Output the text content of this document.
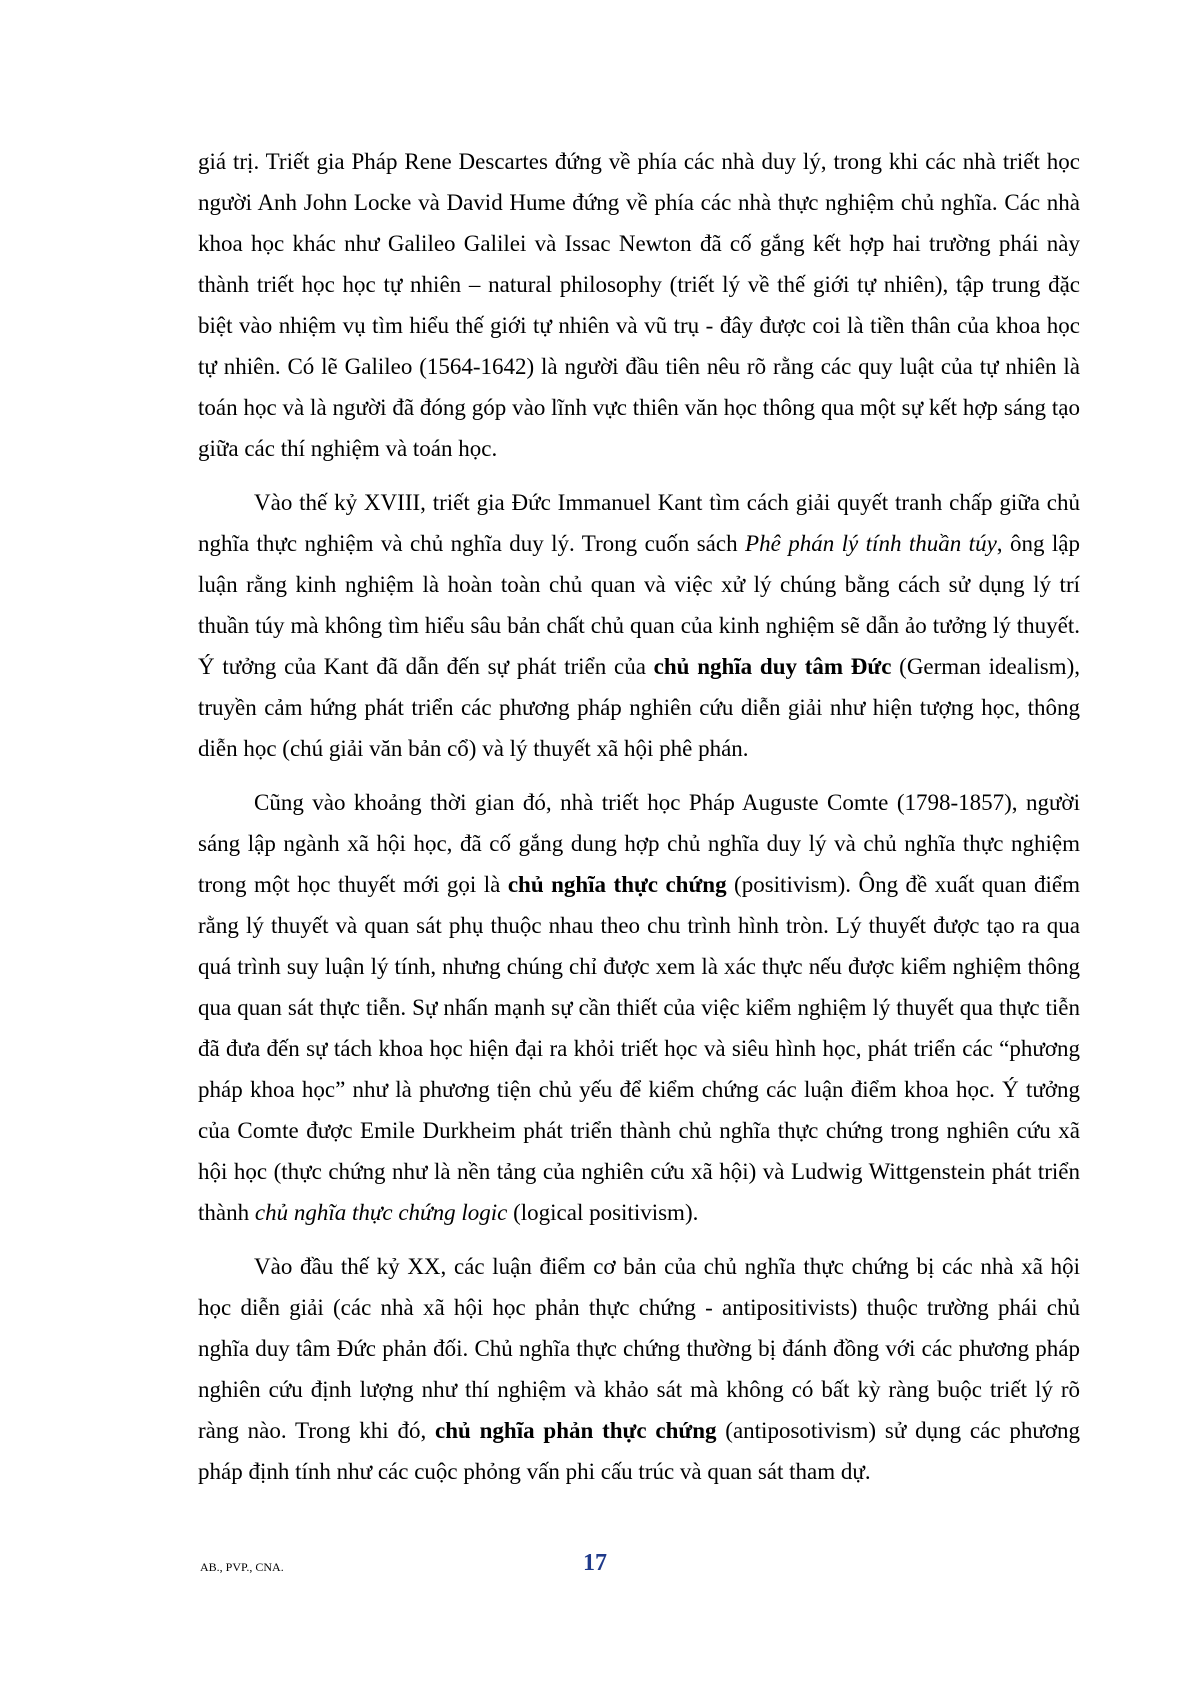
giá trị. Triết gia Pháp Rene Descartes đứng về phía các nhà duy lý, trong khi các nhà triết học người Anh John Locke và David Hume đứng về phía các nhà thực nghiệm chủ nghĩa. Các nhà khoa học khác như Galileo Galilei và Issac Newton đã cố gắng kết hợp hai trường phái này thành triết học học tự nhiên – natural philosophy (triết lý về thế giới tự nhiên), tập trung đặc biệt vào nhiệm vụ tìm hiểu thế giới tự nhiên và vũ trụ - đây được coi là tiền thân của khoa học tự nhiên. Có lẽ Galileo (1564-1642) là người đầu tiên nêu rõ rằng các quy luật của tự nhiên là toán học và là người đã đóng góp vào lĩnh vực thiên văn học thông qua một sự kết hợp sáng tạo giữa các thí nghiệm và toán học.

Vào thế kỷ XVIII, triết gia Đức Immanuel Kant tìm cách giải quyết tranh chấp giữa chủ nghĩa thực nghiệm và chủ nghĩa duy lý. Trong cuốn sách Phê phán lý tính thuần túy, ông lập luận rằng kinh nghiệm là hoàn toàn chủ quan và việc xử lý chúng bằng cách sử dụng lý trí thuần túy mà không tìm hiểu sâu bản chất chủ quan của kinh nghiệm sẽ dẫn ảo tưởng lý thuyết. Ý tưởng của Kant đã dẫn đến sự phát triển của chủ nghĩa duy tâm Đức (German idealism), truyền cảm hứng phát triển các phương pháp nghiên cứu diễn giải như hiện tượng học, thông diễn học (chú giải văn bản cổ) và lý thuyết xã hội phê phán.

Cũng vào khoảng thời gian đó, nhà triết học Pháp Auguste Comte (1798-1857), người sáng lập ngành xã hội học, đã cố gắng dung hợp chủ nghĩa duy lý và chủ nghĩa thực nghiệm trong một học thuyết mới gọi là chủ nghĩa thực chứng (positivism). Ông đề xuất quan điểm rằng lý thuyết và quan sát phụ thuộc nhau theo chu trình hình tròn. Lý thuyết được tạo ra qua quá trình suy luận lý tính, nhưng chúng chỉ được xem là xác thực nếu được kiểm nghiệm thông qua quan sát thực tiễn. Sự nhấn mạnh sự cần thiết của việc kiểm nghiệm lý thuyết qua thực tiễn đã đưa đến sự tách khoa học hiện đại ra khỏi triết học và siêu hình học, phát triển các “phương pháp khoa học” như là phương tiện chủ yếu để kiểm chứng các luận điểm khoa học. Ý tưởng của Comte được Emile Durkheim phát triển thành chủ nghĩa thực chứng trong nghiên cứu xã hội học (thực chứng như là nền tảng của nghiên cứu xã hội) và Ludwig Wittgenstein phát triển thành chủ nghĩa thực chứng logic (logical positivism).

Vào đầu thế kỷ XX, các luận điểm cơ bản của chủ nghĩa thực chứng bị các nhà xã hội học diễn giải (các nhà xã hội học phản thực chứng - antipositivists) thuộc trường phái chủ nghĩa duy tâm Đức phản đối. Chủ nghĩa thực chứng thường bị đánh đồng với các phương pháp nghiên cứu định lượng như thí nghiệm và khảo sát mà không có bất kỳ ràng buộc triết lý rõ ràng nào. Trong khi đó, chủ nghĩa phản thực chứng (antiposotivism) sử dụng các phương pháp định tính như các cuộc phỏng vấn phi cấu trúc và quan sát tham dự.

AB., PVP., CNA.	17
